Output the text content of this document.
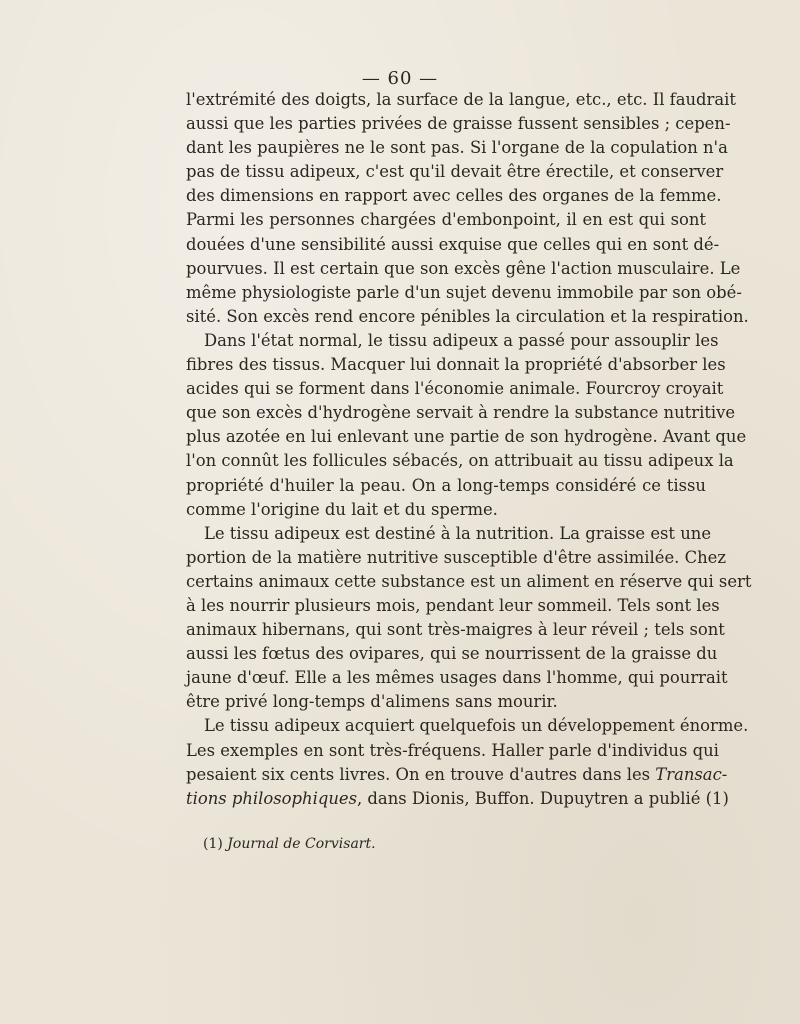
— 60 —
l'extrémité des doigts, la surface de la langue, etc., etc. Il faudrait
aussi que les parties privées de graisse fussent sensibles ; cepen-
dant les paupières ne le sont pas. Si l'organe de la copulation n'a
pas de tissu adipeux, c'est qu'il devait être érectile, et conserver
des dimensions en rapport avec celles des organes de la femme.
Parmi les personnes chargées d'embonpoint, il en est qui sont
douées d'une sensibilité aussi exquise que celles qui en sont dé-
pourvues. Il est certain que son excès gêne l'action musculaire. Le
même physiologiste parle d'un sujet devenu immobile par son obé-
sité. Son excès rend encore pénibles la circulation et la respiration.
Dans l'état normal, le tissu adipeux a passé pour assouplir les
fibres des tissus. Macquer lui donnait la propriété d'absorber les
acides qui se forment dans l'économie animale. Fourcroy croyait
que son excès d'hydrogène servait à rendre la substance nutritive
plus azotée en lui enlevant une partie de son hydrogène. Avant que
l'on connût les follicules sébacés, on attribuait au tissu adipeux la
propriété d'huiler la peau. On a long-temps considéré ce tissu
comme l'origine du lait et du sperme.
Le tissu adipeux est destiné à la nutrition. La graisse est une
portion de la matière nutritive susceptible d'être assimilée. Chez
certains animaux cette substance est un aliment en réserve qui sert
à les nourrir plusieurs mois, pendant leur sommeil. Tels sont les
animaux hibernans, qui sont très-maigres à leur réveil ; tels sont
aussi les fœtus des ovipares, qui se nourrissent de la graisse du
jaune d'œuf. Elle a les mêmes usages dans l'homme, qui pourrait
être privé long-temps d'alimens sans mourir.
Le tissu adipeux acquiert quelquefois un développement énorme.
Les exemples en sont très-fréquens. Haller parle d'individus qui
pesaient six cents livres. On en trouve d'autres dans les Transac-
tions philosophiques, dans Dionis, Buffon. Dupuytren a publié (1)
(1) Journal de Corvisart.
